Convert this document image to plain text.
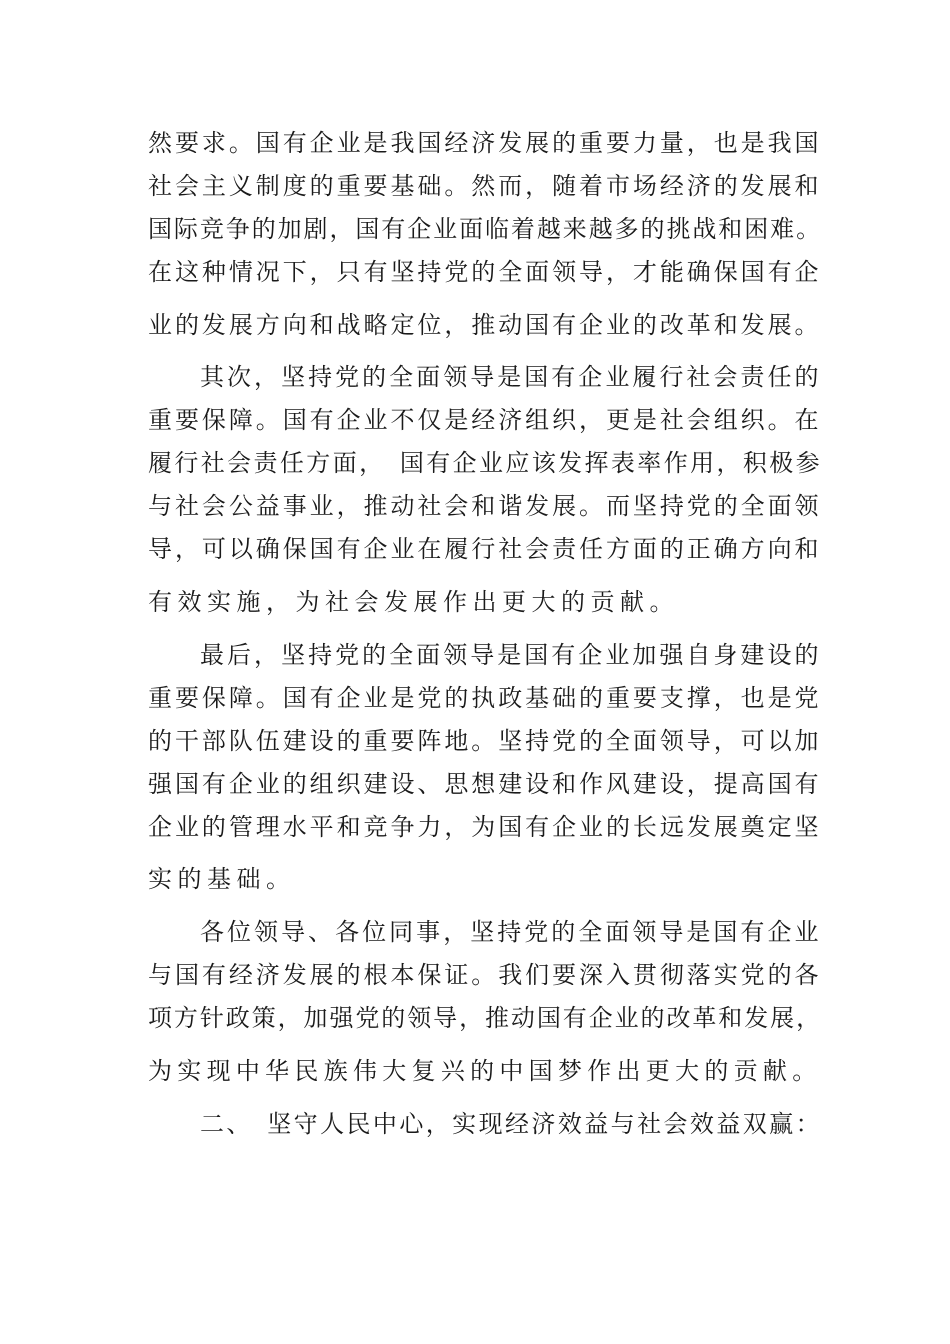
然要求。国有企业是我国经济发展的重要力量，也是我国

社会主义制度的重要基础。然而，随着市场经济的发展和

国际竞争的加剧，国有企业面临着越来越多的挑战和困难。

在这种情况下，只有坚持党的全面领导，才能确保国有企

业的发展方向和战略定位，推动国有企业的改革和发展。

其次，坚持党的全面领导是国有企业履行社会责任的

重要保障。国有企业不仅是经济组织，更是社会组织。在

履行社会责任方面，　国有企业应该发挥表率作用，积极参

与社会公益事业，推动社会和谐发展。而坚持党的全面领

导，可以确保国有企业在履行社会责任方面的正确方向和

有效实施，为社会发展作出更大的贡献。

最后，坚持党的全面领导是国有企业加强自身建设的

重要保障。国有企业是党的执政基础的重要支撑，也是党

的干部队伍建设的重要阵地。坚持党的全面领导，可以加

强国有企业的组织建设、思想建设和作风建设，提高国有

企业的管理水平和竞争力，为国有企业的长远发展奠定坚

实的基础。

各位领导、各位同事，坚持党的全面领导是国有企业

与国有经济发展的根本保证。我们要深入贯彻落实党的各

项方针政策，加强党的领导，推动国有企业的改革和发展，

为实现中华民族伟大复兴的中国梦作出更大的贡献。

二、　坚守人民中心，实现经济效益与社会效益双赢：
